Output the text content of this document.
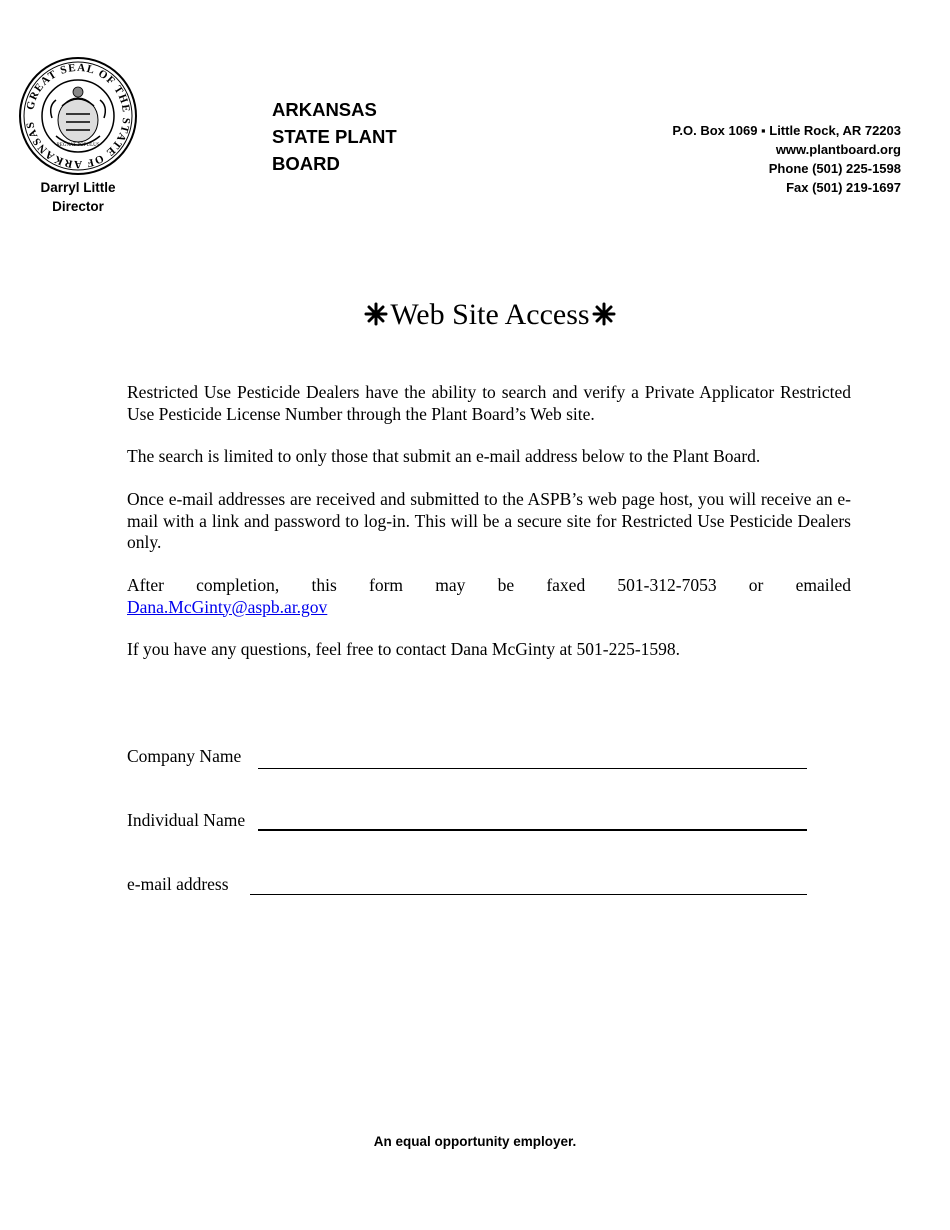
GREAT SEAL OF THE STATE OF ARKANSAS
REGNAT POPULUS
Darryl Little
Director
ARKANSAS
STATE PLANT
BOARD
P.O. Box 1069 ▪ Little Rock, AR 72203
www.plantboard.org
Phone (501) 225-1598
Fax (501) 219-1697
Web Site Access

Restricted Use Pesticide Dealers have the ability to search and verify a Private Applicator Restricted Use Pesticide License Number through the Plant Board’s Web site.

The search is limited to only those that submit an e-mail address below to the Plant Board.

Once e-mail addresses are received and submitted to the ASPB’s web page host, you will receive an e-mail with a link and password to log-in. This will be a secure site for Restricted Use Pesticide Dealers only.

After completion, this form may be faxed 501-312-7053 or emailed
Dana.McGinty@aspb.ar.gov

If you have any questions, feel free to contact Dana McGinty at 501-225-1598.

Company Name
Individual Name
e-mail address
An equal opportunity employer.
